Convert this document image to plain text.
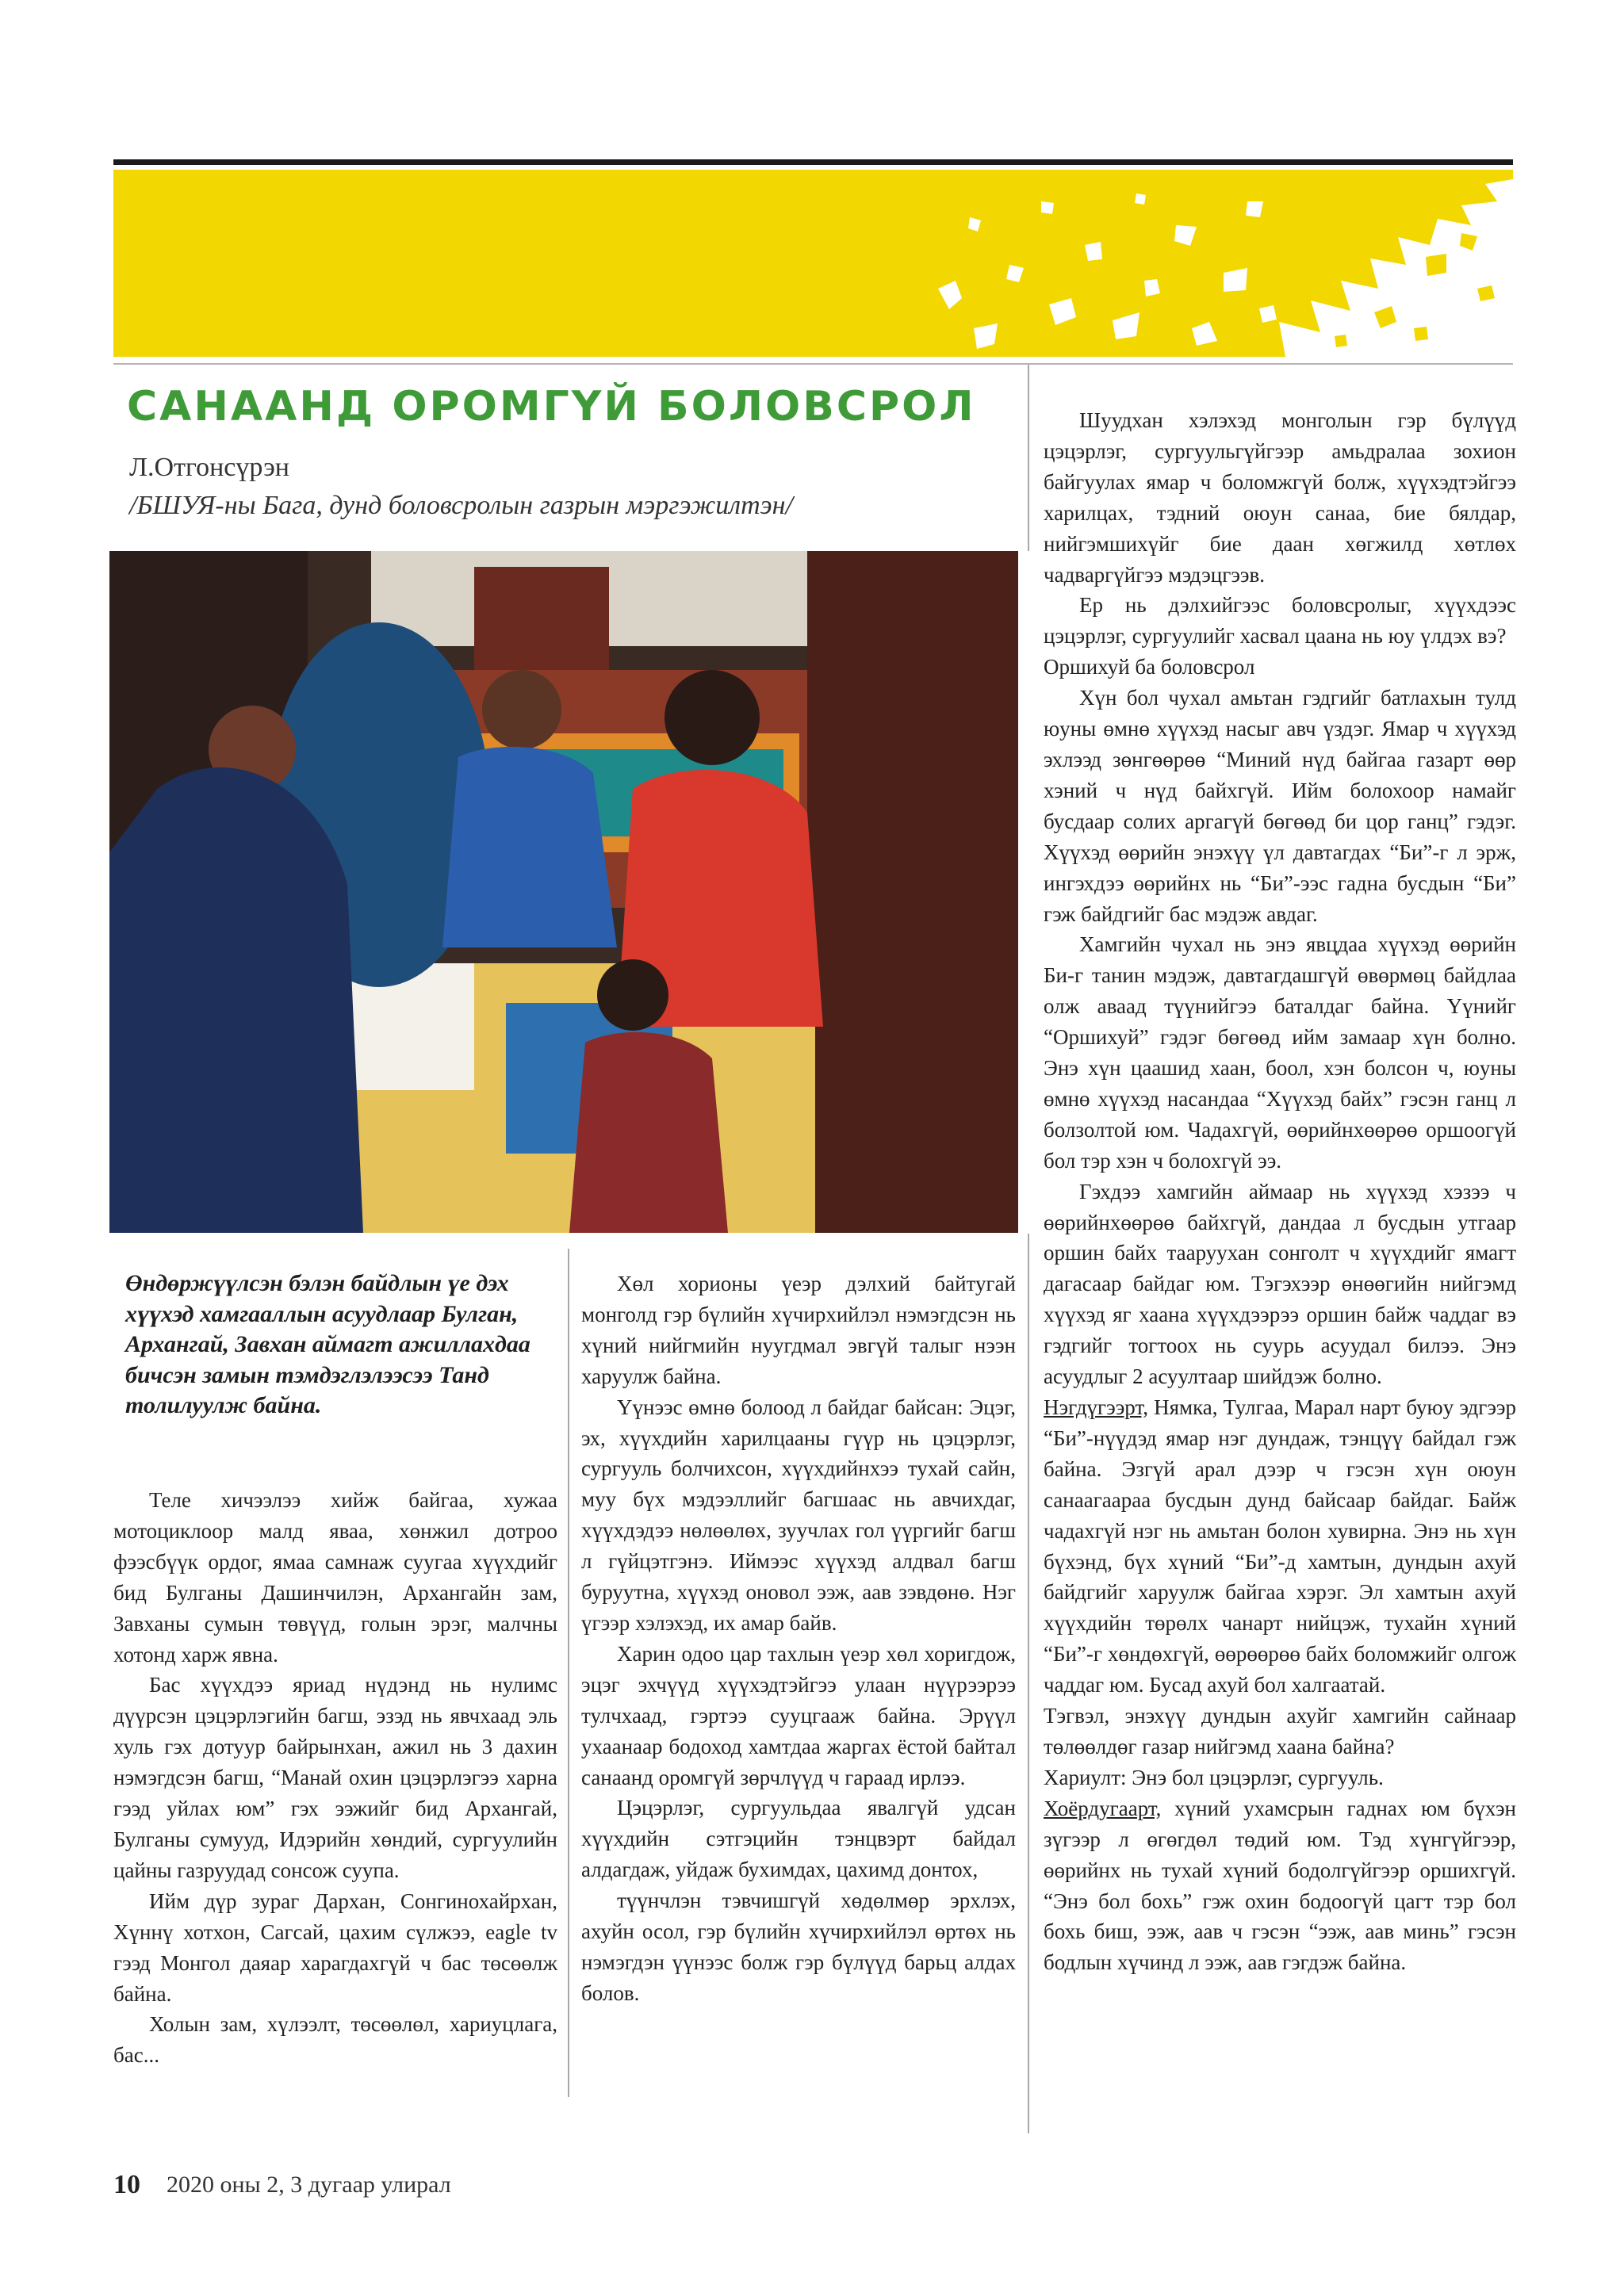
САНААНД ОРОМГҮЙ БОЛОВСРОЛ
Л.Отгонсүрэн
/БШУЯ-ны Бага, дунд боловсролын газрын мэргэжилтэн/
Өндөржүүлсэн бэлэн байдлын үе дэх хүүхэд хамгааллын асуудлаар Булган, Архангай, Завхан аймагт ажиллахдаа бичсэн замын тэмдэглэлээсээ Танд толилуулж байна.

Теле хичээлээ хийж байгаа, хужаа мотоциклоор малд яваа, хөнжил дотроо фээсбүүк ордог, ямаа самнаж суугаа хүүхдийг бид Булганы Дашинчилэн, Архангайн зам, Завханы сумын төвүүд, голын эрэг, малчны хотонд харж явна.

Бас хүүхдээ яриад нүдэнд нь нулимс дүүрсэн цэцэрлэгийн багш, эзэд нь явчхаад эль хуль гэх дотуур байрынхан, ажил нь 3 дахин нэмэгдсэн багш, “Манай охин цэцэрлэгээ харна гээд уйлах юм” гэх ээжийг бид Архангай, Булганы сумууд, Идэрийн хөндий, сургуулийн цайны газруудад сонсож суупа.

Ийм дүр зураг Дархан, Сонгинохайрхан, Хүннү хотхон, Сагсай, цахим сүлжээ, eagle tv гээд Монгол даяар харагдахгүй ч бас төсөөлж байна.

Холын зам, хүлээлт, төсөөлөл, хариуцлага, бас...

Хөл хорионы үеэр дэлхий байтугай монголд гэр бүлийн хүчирхийлэл нэмэгдсэн нь хүний нийгмийн нуугдмал эвгүй талыг нээн харуулж байна.

Үүнээс өмнө болоод л байдаг байсан: Эцэг, эх, хүүхдийн харилцааны гүүр нь цэцэрлэг, сургууль болчихсон, хүүхдийнхээ тухай сайн, муу бүх мэдээллийг багшаас нь авчихдаг, хүүхдэдээ нөлөөлөх, зуучлах гол үүргийг багш л гүйцэтгэнэ. Иймээс хүүхэд алдвал багш буруутна, хүүхэд оновол ээж, аав зэвдөнө. Нэг үгээр хэлэхэд, их амар байв.

Харин одоо цар тахлын үеэр хөл хоригдож, эцэг эхчүүд хүүхэдтэйгээ улаан нүүрээрээ тулчхаад, гэртээ сууцгааж байна. Эрүүл ухаанаар бодоход хамтдаа жаргах ёстой байтал санаанд оромгүй зөрчлүүд ч гараад ирлээ.

Цэцэрлэг, сургуульдаа явалгүй удсан хүүхдийн сэтгэцийн тэнцвэрт байдал алдагдаж, уйдаж бухимдах, цахимд донтох,

түүнчлэн тэвчишгүй хөдөлмөр эрхлэх, ахуйн осол, гэр бүлийн хүчирхийлэл өртөх нь нэмэгдэн үүнээс болж гэр бүлүүд барьц алдах болов.

Шуудхан хэлэхэд монголын гэр бүлүүд цэцэрлэг, сургуульгүйгээр амьдралаа зохион байгуулах ямар ч боломжгүй болж, хүүхэдтэйгээ харилцах, тэдний оюун санаа, бие бялдар, нийгэмшихүйг бие даан хөгжилд хөтлөх чадваргүйгээ мэдэцгээв.

Ер нь дэлхийгээс боловсролыг, хүүхдээс цэцэрлэг, сургуулийг хасвал цаана нь юу үлдэх вэ?

Оршихуй ба боловсрол

Хүн бол чухал амьтан гэдгийг батлахын тулд юуны өмнө хүүхэд насыг авч үздэг. Ямар ч хүүхэд эхлээд зөнгөөрөө “Миний нүд байгаа газарт өөр хэний ч нүд байхгүй. Ийм болохоор намайг бусдаар солих аргагүй бөгөөд би цор ганц” гэдэг. Хүүхэд өөрийн энэхүү үл давтагдах “Би”-г л эрж, ингэхдээ өөрийнх нь “Би”-ээс гадна бусдын “Би” гэж байдгийг бас мэдэж авдаг.

Хамгийн чухал нь энэ явцдаа хүүхэд өөрийн Би-г танин мэдэж, давтагдашгүй өвөрмөц байдлаа олж аваад түүнийгээ баталдаг байна. Үүнийг “Оршихуй” гэдэг бөгөөд ийм замаар хүн болно. Энэ хүн цаашид хаан, боол, хэн болсон ч, юуны өмнө хүүхэд насандаа “Хүүхэд байх” гэсэн ганц л болзолтой юм. Чадахгүй, өөрийнхөөрөө оршоогүй бол тэр хэн ч болохгүй ээ.

Гэхдээ хамгийн аймаар нь хүүхэд хэзээ ч өөрийнхөөрөө байхгүй, дандаа л бусдын утгаар оршин байх тааруухан сонголт ч хүүхдийг ямагт дагасаар байдаг юм. Тэгэхээр өнөөгийн нийгэмд хүүхэд яг хаана хүүхдээрээ оршин байж чаддаг вэ гэдгийг тогтоох нь суурь асуудал билээ. Энэ асуудлыг 2 асуултаар шийдэж болно.

Нэгдүгээрт, Нямка, Тулгаа, Марал нарт буюу эдгээр “Би”-нүүдэд ямар нэг дундаж, тэнцүү байдал гэж байна. Эзгүй арал дээр ч гэсэн хүн оюун санаагаараа бусдын дунд байсаар байдаг. Байж чадахгүй нэг нь амьтан болон хувирна. Энэ нь хүн бүхэнд, бүх хүний “Би”-д хамтын, дундын ахуй байдгийг харуулж байгаа хэрэг. Эл хамтын ахуй хүүхдийн төрөлх чанарт нийцэж, тухайн хүний “Би”-г хөндөхгүй, өөрөөрөө байх боломжийг олгож чаддаг юм. Бусад ахуй бол халгаатай.

Тэгвэл, энэхүү дундын ахуйг хамгийн сайнаар төлөөлдөг газар нийгэмд хаана байна?

Хариулт: Энэ бол цэцэрлэг, сургууль.

Хоёрдугаарт, хүний ухамсрын гаднах юм бүхэн зүгээр л өгөгдөл төдий юм. Тэд хүнгүйгээр, өөрийнх нь тухай хүний бодолгүйгээр оршихгүй. “Энэ бол бохь” гэж охин бодоогүй цагт тэр бол бохь биш, ээж, аав ч гэсэн “ээж, аав минь” гэсэн бодлын хүчинд л ээж, аав гэгдэж байна.

10 2020 оны 2, 3 дугаар улирал
